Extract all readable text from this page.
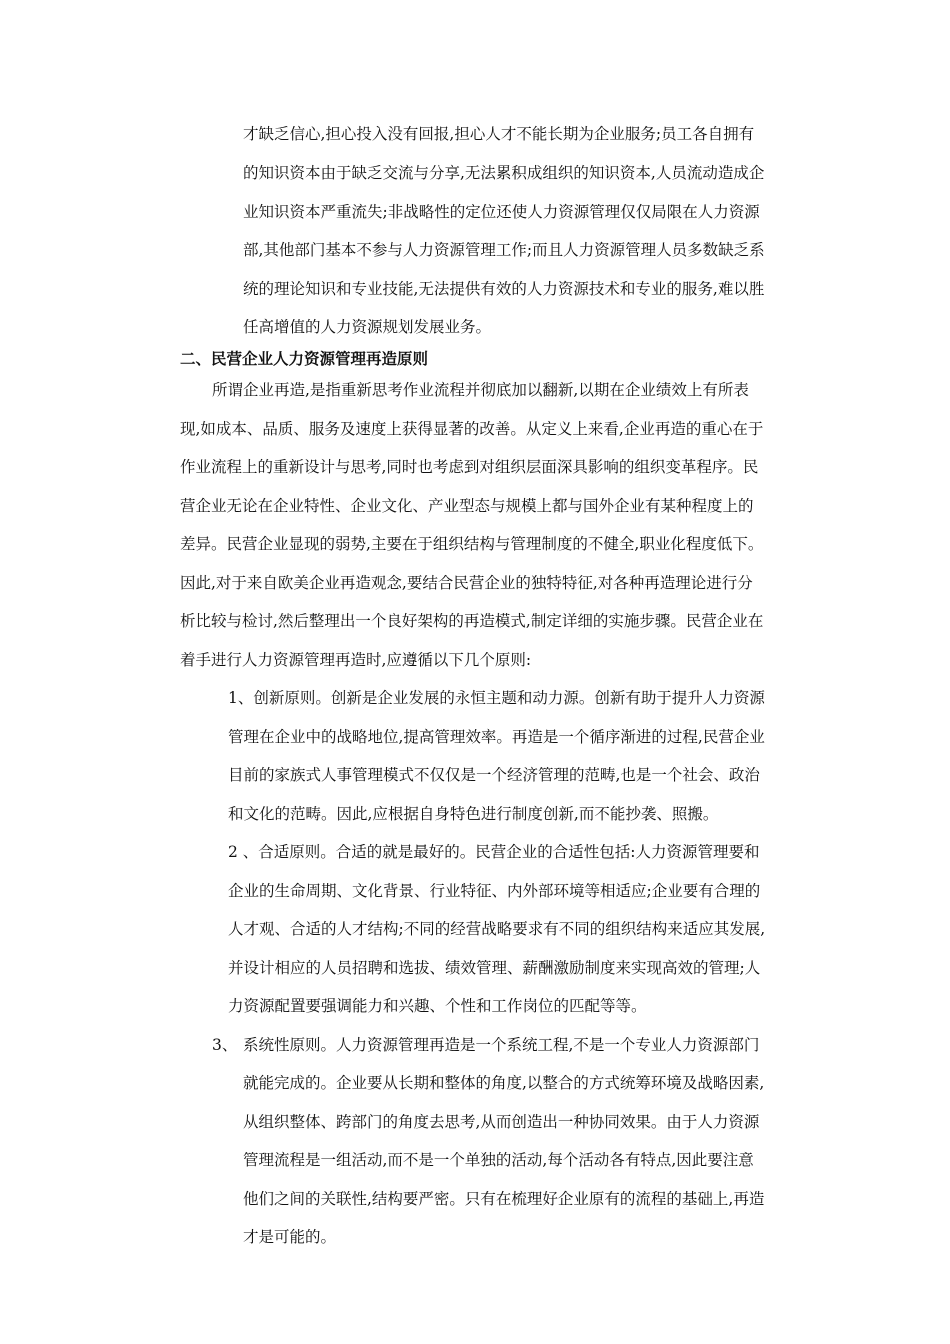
才缺乏信心,担心投入没有回报,担心人才不能长期为企业服务;员工各自拥有
的知识资本由于缺乏交流与分享,无法累积成组织的知识资本,人员流动造成企
业知识资本严重流失;非战略性的定位还使人力资源管理仅仅局限在人力资源
部,其他部门基本不参与人力资源管理工作;而且人力资源管理人员多数缺乏系
统的理论知识和专业技能,无法提供有效的人力资源技术和专业的服务,难以胜
任高增值的人力资源规划发展业务。
二、民营企业人力资源管理再造原则
所谓企业再造,是指重新思考作业流程并彻底加以翻新,以期在企业绩效上有所表
现,如成本、品质、服务及速度上获得显著的改善。从定义上来看,企业再造的重心在于
作业流程上的重新设计与思考,同时也考虑到对组织层面深具影响的组织变革程序。民
营企业无论在企业特性、企业文化、产业型态与规模上都与国外企业有某种程度上的
差异。民营企业显现的弱势,主要在于组织结构与管理制度的不健全,职业化程度低下。
因此,对于来自欧美企业再造观念,要结合民营企业的独特特征,对各种再造理论进行分
析比较与检讨,然后整理出一个良好架构的再造模式,制定详细的实施步骤。民营企业在
着手进行人力资源管理再造时,应遵循以下几个原则:
1、创新原则。创新是企业发展的永恒主题和动力源。创新有助于提升人力资源
管理在企业中的战略地位,提高管理效率。再造是一个循序渐进的过程,民营企业
目前的家族式人事管理模式不仅仅是一个经济管理的范畴,也是一个社会、政治
和文化的范畴。因此,应根据自身特色进行制度创新,而不能抄袭、照搬。
2 、合适原则。合适的就是最好的。民营企业的合适性包括:人力资源管理要和
企业的生命周期、文化背景、行业特征、内外部环境等相适应;企业要有合理的
人才观、合适的人才结构;不同的经营战略要求有不同的组织结构来适应其发展,
并设计相应的人员招聘和选拔、绩效管理、薪酬激励制度来实现高效的管理;人
力资源配置要强调能力和兴趣、个性和工作岗位的匹配等等。
3、 系统性原则。人力资源管理再造是一个系统工程,不是一个专业人力资源部门
就能完成的。企业要从长期和整体的角度,以整合的方式统筹环境及战略因素,
从组织整体、跨部门的角度去思考,从而创造出一种协同效果。由于人力资源
管理流程是一组活动,而不是一个单独的活动,每个活动各有特点,因此要注意
他们之间的关联性,结构要严密。只有在梳理好企业原有的流程的基础上,再造
才是可能的。
